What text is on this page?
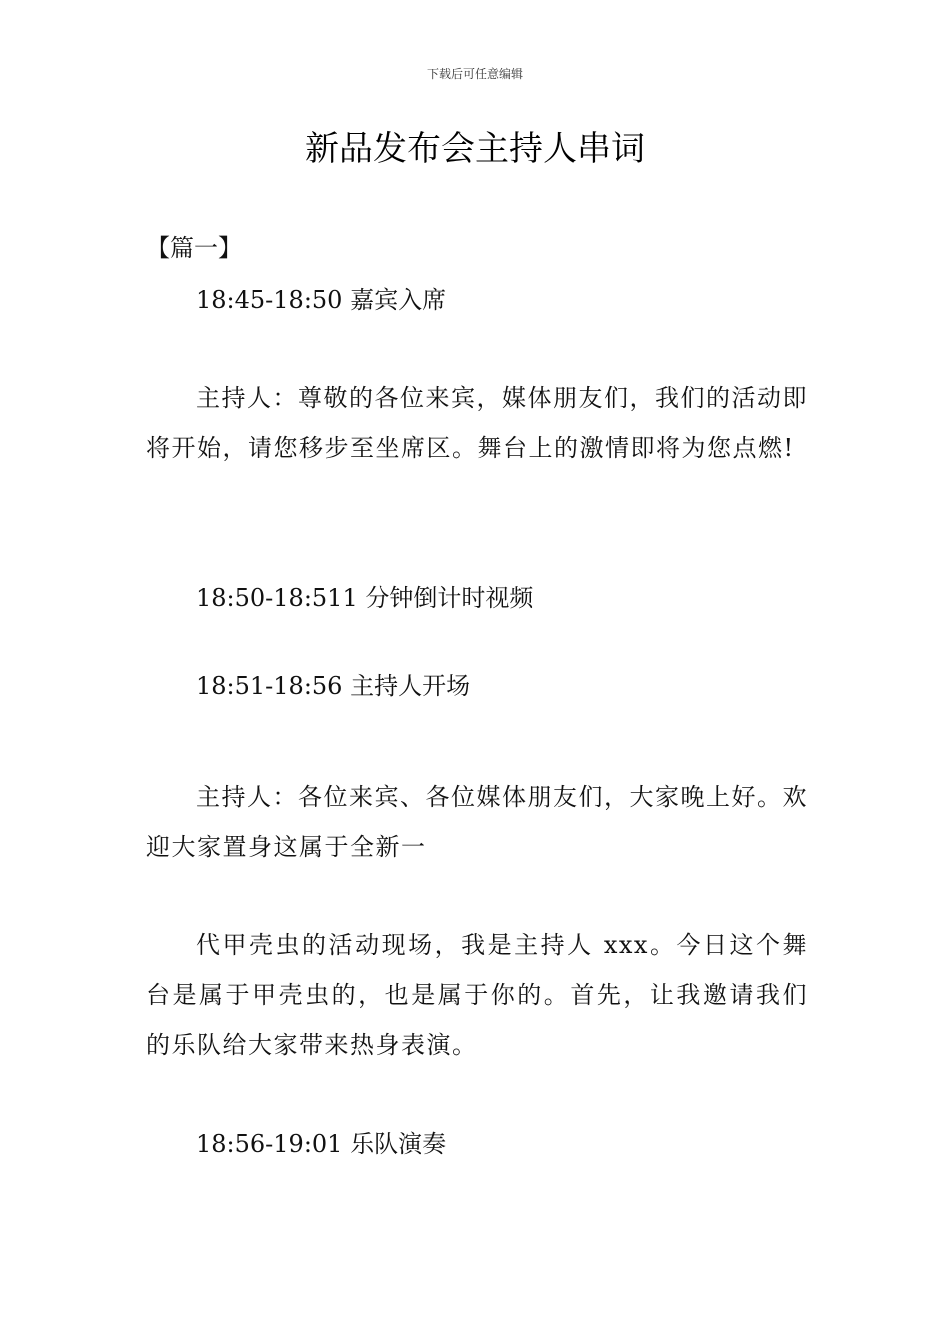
下载后可任意编辑
新品发布会主持人串词
【篇一】
18:45-18:50 嘉宾入席
主持人：尊敬的各位来宾，媒体朋友们，我们的活动即将开始，请您移步至坐席区。舞台上的激情即将为您点燃!
18:50-18:511 分钟倒计时视频
18:51-18:56 主持人开场
主持人：各位来宾、各位媒体朋友们，大家晚上好。欢迎大家置身这属于全新一
代甲壳虫的活动现场，我是主持人 xxx。今日这个舞台是属于甲壳虫的，也是属于你的。首先，让我邀请我们的乐队给大家带来热身表演。
18:56-19:01 乐队演奏
